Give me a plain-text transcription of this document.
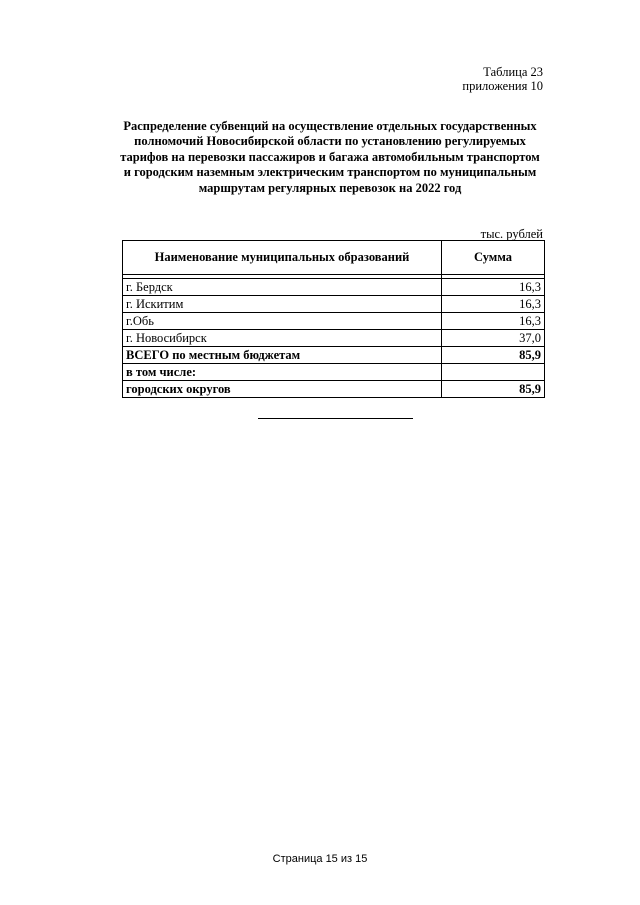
Таблица 23
приложения 10
Распределение субвенций на осуществление отдельных государственных полномочий Новосибирской области по установлению регулируемых тарифов на перевозки пассажиров и багажа автомобильным транспортом и городским наземным электрическим транспортом по муниципальным маршрутам регулярных перевозок на 2022 год
тыс. рублей
Наименование муниципальных образований	Сумма

г. Бердск	16,3
г. Искитим	16,3
г.Обь	16,3
г. Новосибирск	37,0
ВСЕГО по местным бюджетам	85,9
в том числе:	
городских округов	85,9
Страница 15 из 15
